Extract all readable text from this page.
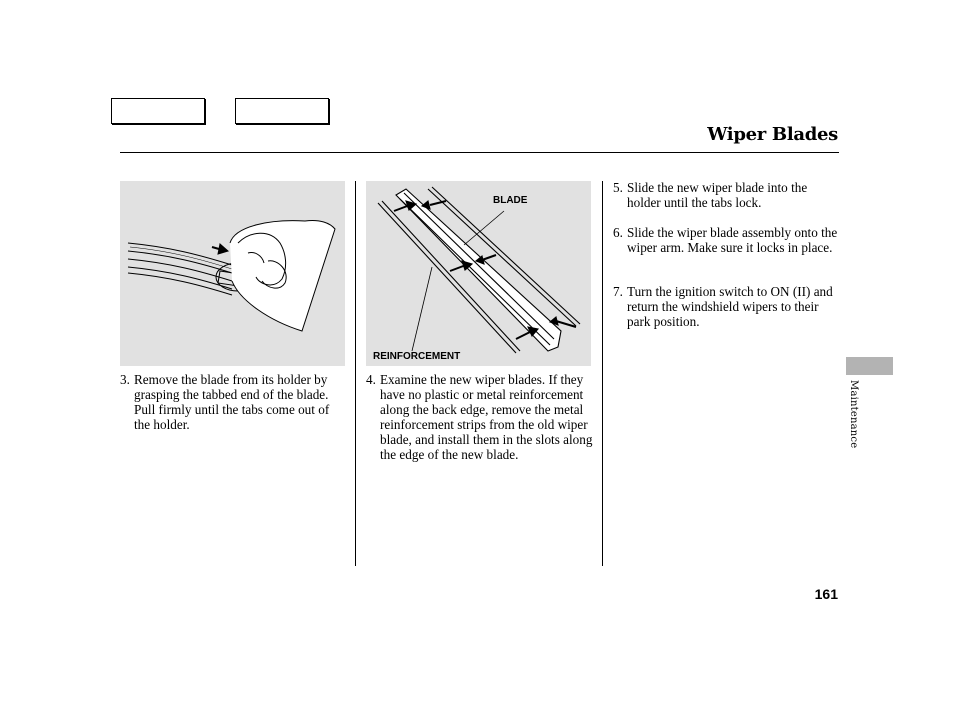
Wiper Blades
BLADE
REINFORCEMENT
3. Remove the blade from its holder by grasping the tabbed end of the blade. Pull firmly until the tabs come out of the holder.
4. Examine the new wiper blades. If they have no plastic or metal reinforcement along the back edge, remove the metal reinforcement strips from the old wiper blade, and install them in the slots along the edge of the new blade.
5. Slide the new wiper blade into the holder until the tabs lock.
6. Slide the wiper blade assembly onto the wiper arm. Make sure it locks in place.
7. Turn the ignition switch to ON (II) and return the windshield wipers to their park position.
Maintenance
161
